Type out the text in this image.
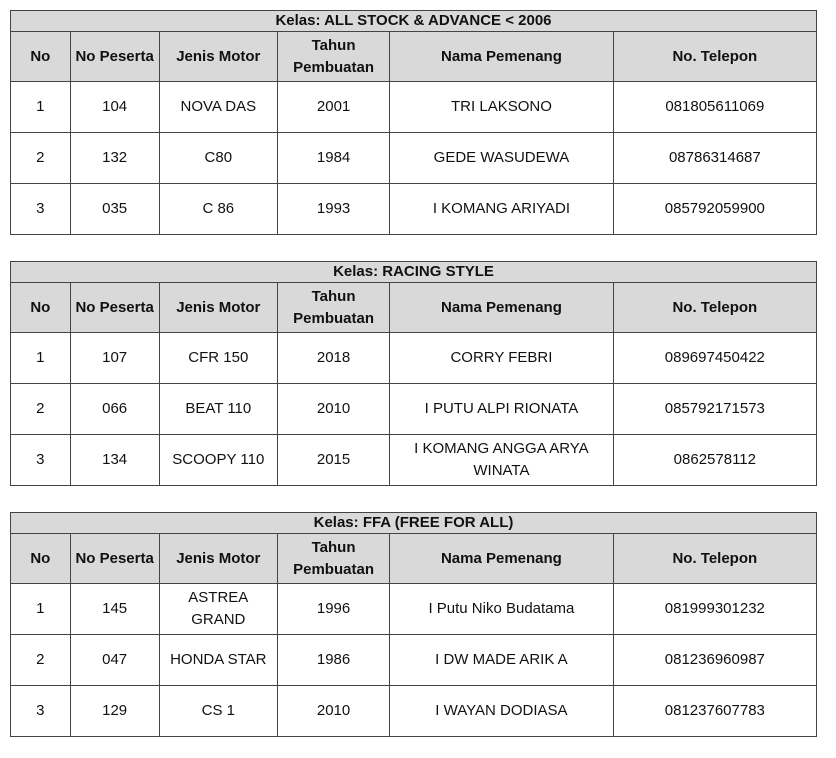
Kelas: ALL STOCK & ADVANCE < 2006					
No	No Peserta	Jenis Motor	Tahun Pembuatan	Nama Pemenang	No. Telepon
1	104	NOVA DAS	2001	TRI LAKSONO	081805611069
2	132	C80	1984	GEDE WASUDEWA	08786314687
3	035	C 86	1993	I KOMANG ARIYADI	085792059900
Kelas: RACING STYLE					
No	No Peserta	Jenis Motor	Tahun Pembuatan	Nama Pemenang	No. Telepon
1	107	CFR 150	2018	CORRY FEBRI	089697450422
2	066	BEAT 110	2010	I PUTU ALPI RIONATA	085792171573
3	134	SCOOPY 110	2015	I KOMANG ANGGA ARYA WINATA	0862578112
Kelas: FFA (FREE FOR ALL)					
No	No Peserta	Jenis Motor	Tahun Pembuatan	Nama Pemenang	No. Telepon
1	145	ASTREA GRAND	1996	I Putu Niko Budatama	081999301232
2	047	HONDA STAR	1986	I DW MADE ARIK A	081236960987
3	129	CS 1	2010	I WAYAN DODIASA	081237607783
